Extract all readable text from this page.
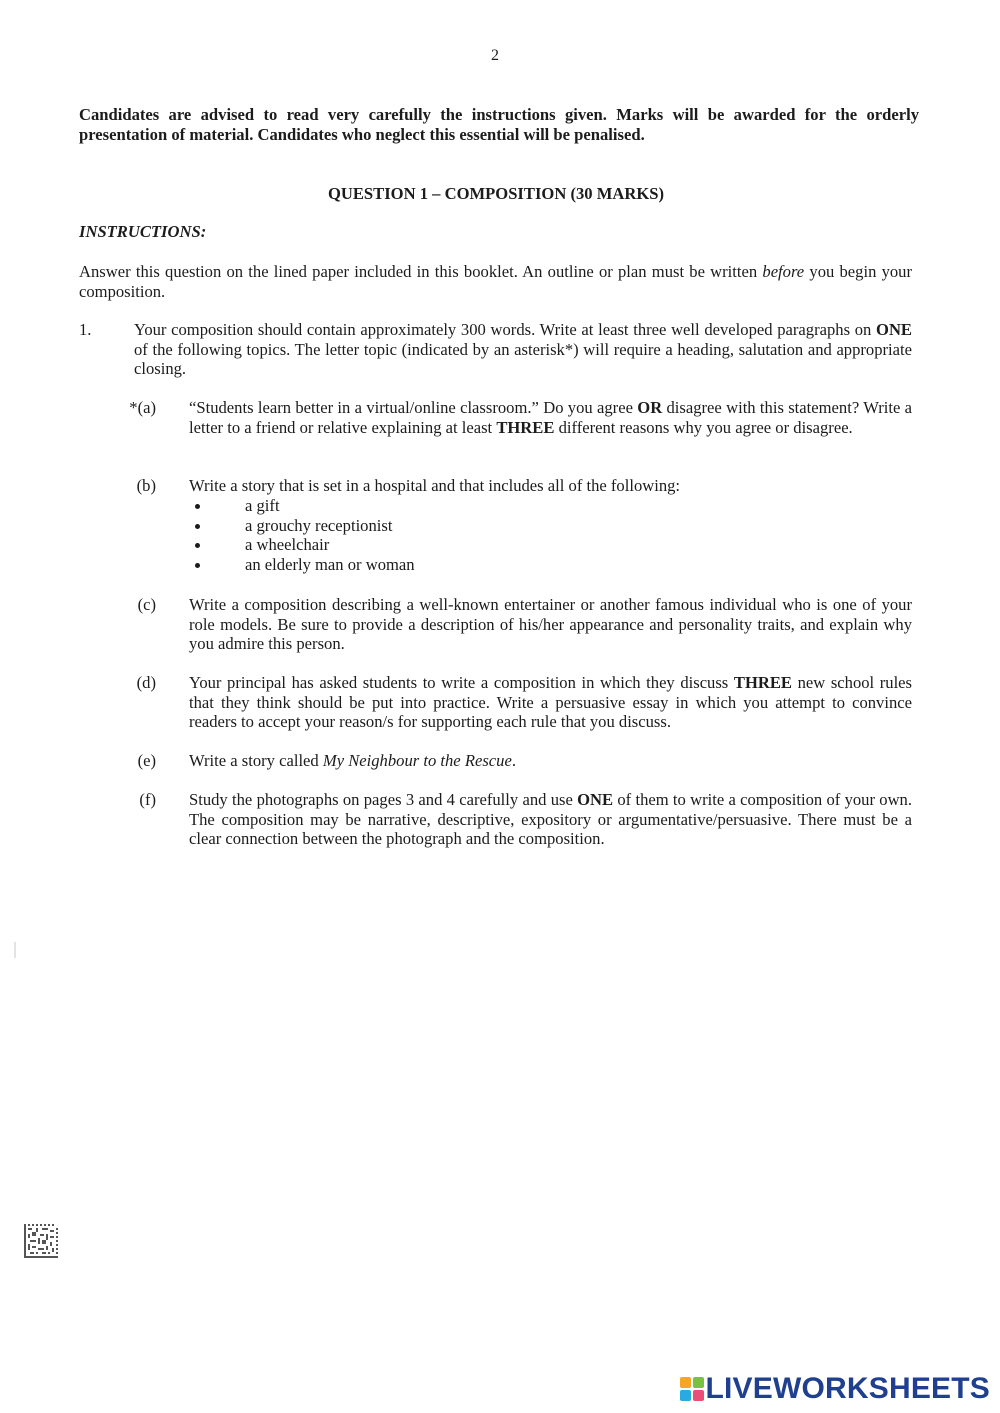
2
Candidates are advised to read very carefully the instructions given. Marks will be awarded for the orderly presentation of material. Candidates who neglect this essential will be penalised.
QUESTION 1 – COMPOSITION (30 MARKS)
INSTRUCTIONS:
Answer this question on the lined paper included in this booklet. An outline or plan must be written before you begin your composition.
1.	Your composition should contain approximately 300 words. Write at least three well developed paragraphs on ONE of the following topics. The letter topic (indicated by an asterisk*) will require a heading, salutation and appropriate closing.
*(a) “Students learn better in a virtual/online classroom.” Do you agree OR disagree with this statement? Write a letter to a friend or relative explaining at least THREE different reasons why you agree or disagree.
(b) Write a story that is set in a hospital and that includes all of the following:
a gift
a grouchy receptionist
a wheelchair
an elderly man or woman
(c) Write a composition describing a well-known entertainer or another famous individual who is one of your role models. Be sure to provide a description of his/her appearance and personality traits, and explain why you admire this person.
(d) Your principal has asked students to write a composition in which they discuss THREE new school rules that they think should be put into practice. Write a persuasive essay in which you attempt to convince readers to accept your reason/s for supporting each rule that you discuss.
(e) Write a story called My Neighbour to the Rescue.
(f) Study the photographs on pages 3 and 4 carefully and use ONE of them to write a composition of your own. The composition may be narrative, descriptive, expository or argumentative/persuasive. There must be a clear connection between the photograph and the composition.
LIVEWORKSHEETS
